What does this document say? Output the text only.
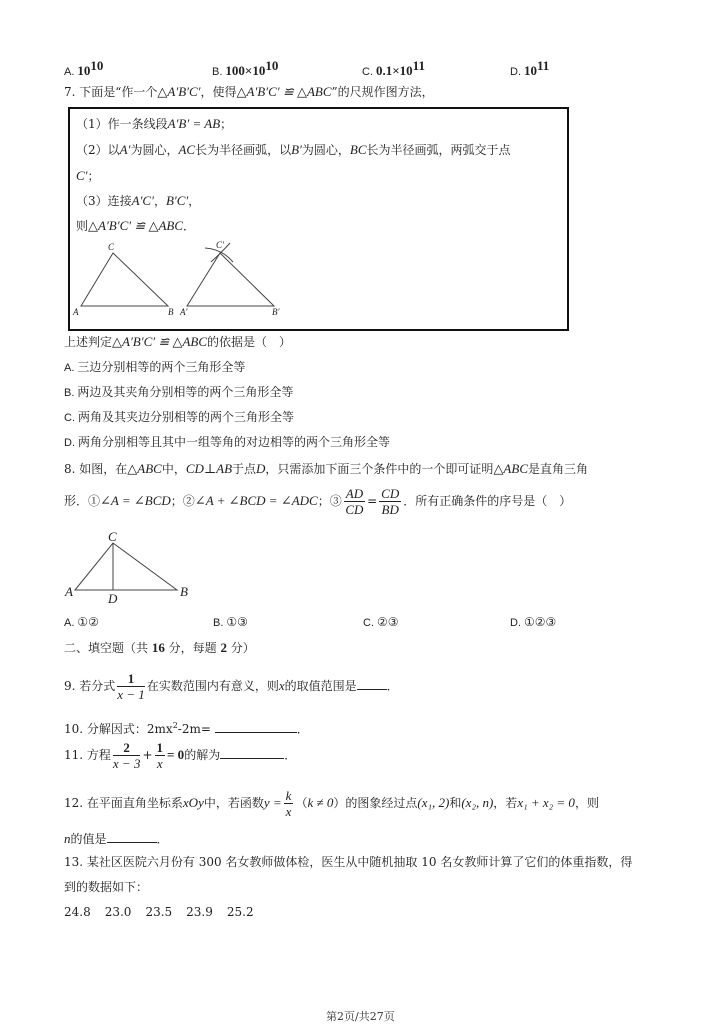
A. $10^{10}$	B. $100\times 10^{10}$	C. $0.1\times 10^{11}$	D. $10^{11}$
7. 下面是“作一个△A′B′C′，使得△A′B′C′ ≌ △ABC”的尺规作图方法，
（1）作一条线段A′B′ = AB；
（2）以A′为圆心，AC长为半径画弧，以B′为圆心，BC长为半径画弧，两弧交于点
C′；
（3）连接A′C′，B′C′，
则△A′B′C′ ≌ △ABC．
C
A	B
C′
A′	B′
上述判定△A′B′C′ ≌ △ABC的依据是（　）
A. 三边分别相等的两个三角形全等
B. 两边及其夹角分别相等的两个三角形全等
C. 两角及其夹边分别相等的两个三角形全等
D. 两角分别相等且其中一组等角的对边相等的两个三角形全等
8. 如图，在△ABC中，CD⊥AB于点D，只需添加下面三个条件中的一个即可证明△ABC是直角三角
形．①∠A = ∠BCD；②∠A + ∠BCD = ∠ADC；③ $\frac{AD}{CD} = \frac{CD}{BD}$ ．所有正确条件的序号是（　）
C
A	D	B
A. ①②	B. ①③	C. ②③	D. ①②③
二、填空题（共 16 分，每题 2 分）
9. 若分式 $\frac{1}{x - 1}$ 在实数范围内有意义，则x的取值范围是	．
10. 分解因式：$2mx^2-2m=$	．
11. 方程 $\frac{2}{x - 3} + \frac{1}{x} = 0$的解为	．
12. 在平面直角坐标系xOy中，若函数$y = \frac{k}{x} (k \ne 0)$的图象经过点(x₁, 2)和(x₂, n)，若x₁ + x₂ = 0，则
n的值是	．
13. 某社区医院六月份有 300 名女教师做体检，医生从中随机抽取 10 名女教师计算了它们的体重指数，得
到的数据如下：
24.8 23.0 23.5 23.9 25.2
第2页/共27页
